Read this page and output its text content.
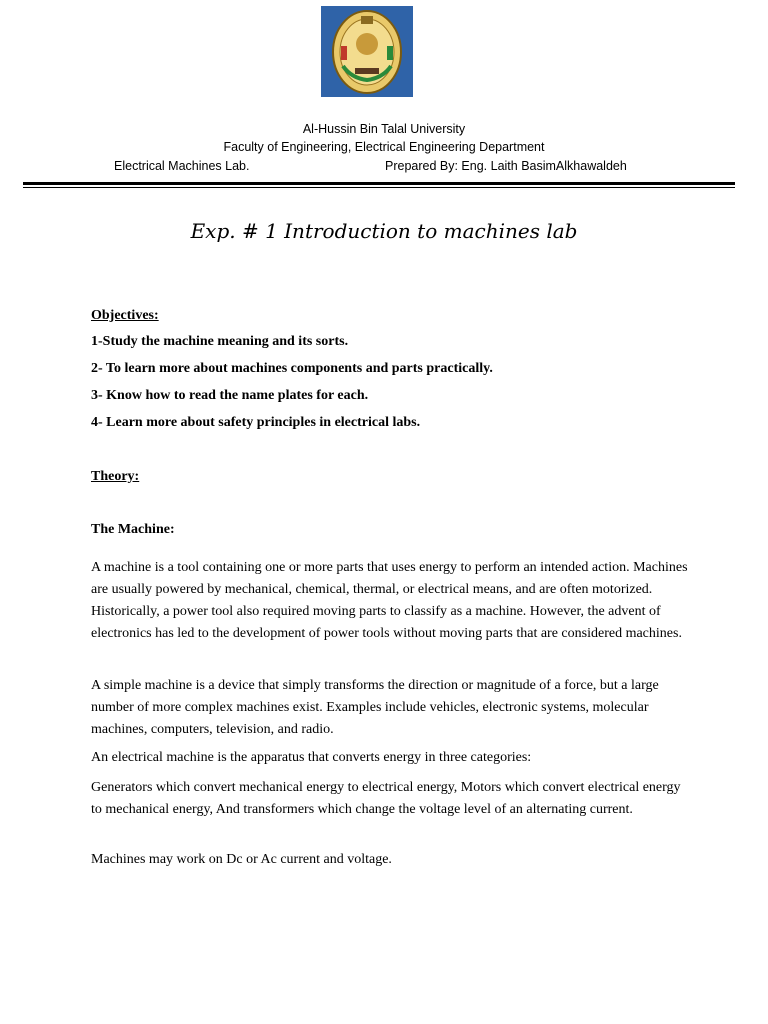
Al-Hussin Bin Talal University
Faculty of Engineering, Electrical Engineering Department
Electrical Machines Lab.	Prepared By: Eng. Laith BasimAlkhawaldeh
Exp. # 1 Introduction to machines lab
Objectives:
1-Study the machine meaning and its sorts.
2- To learn more about machines components and parts practically.
3- Know how to read the name plates for each.
4- Learn more about safety principles in electrical labs.
Theory:
The Machine:
A machine is a tool containing one or more parts that uses energy to perform an intended action. Machines are usually powered by mechanical, chemical, thermal, or electrical means, and are often motorized. Historically, a power tool also required moving parts to classify as a machine. However, the advent of electronics has led to the development of power tools without moving parts that are considered machines.
A simple machine is a device that simply transforms the direction or magnitude of a force, but a large number of more complex machines exist. Examples include vehicles, electronic systems, molecular machines, computers, television, and radio.
An electrical machine is the apparatus that converts energy in three categories:
Generators which convert mechanical energy to electrical energy, Motors which convert electrical energy to mechanical energy, And transformers which change the voltage level of an alternating current.
Machines may work on Dc or Ac current and voltage.
